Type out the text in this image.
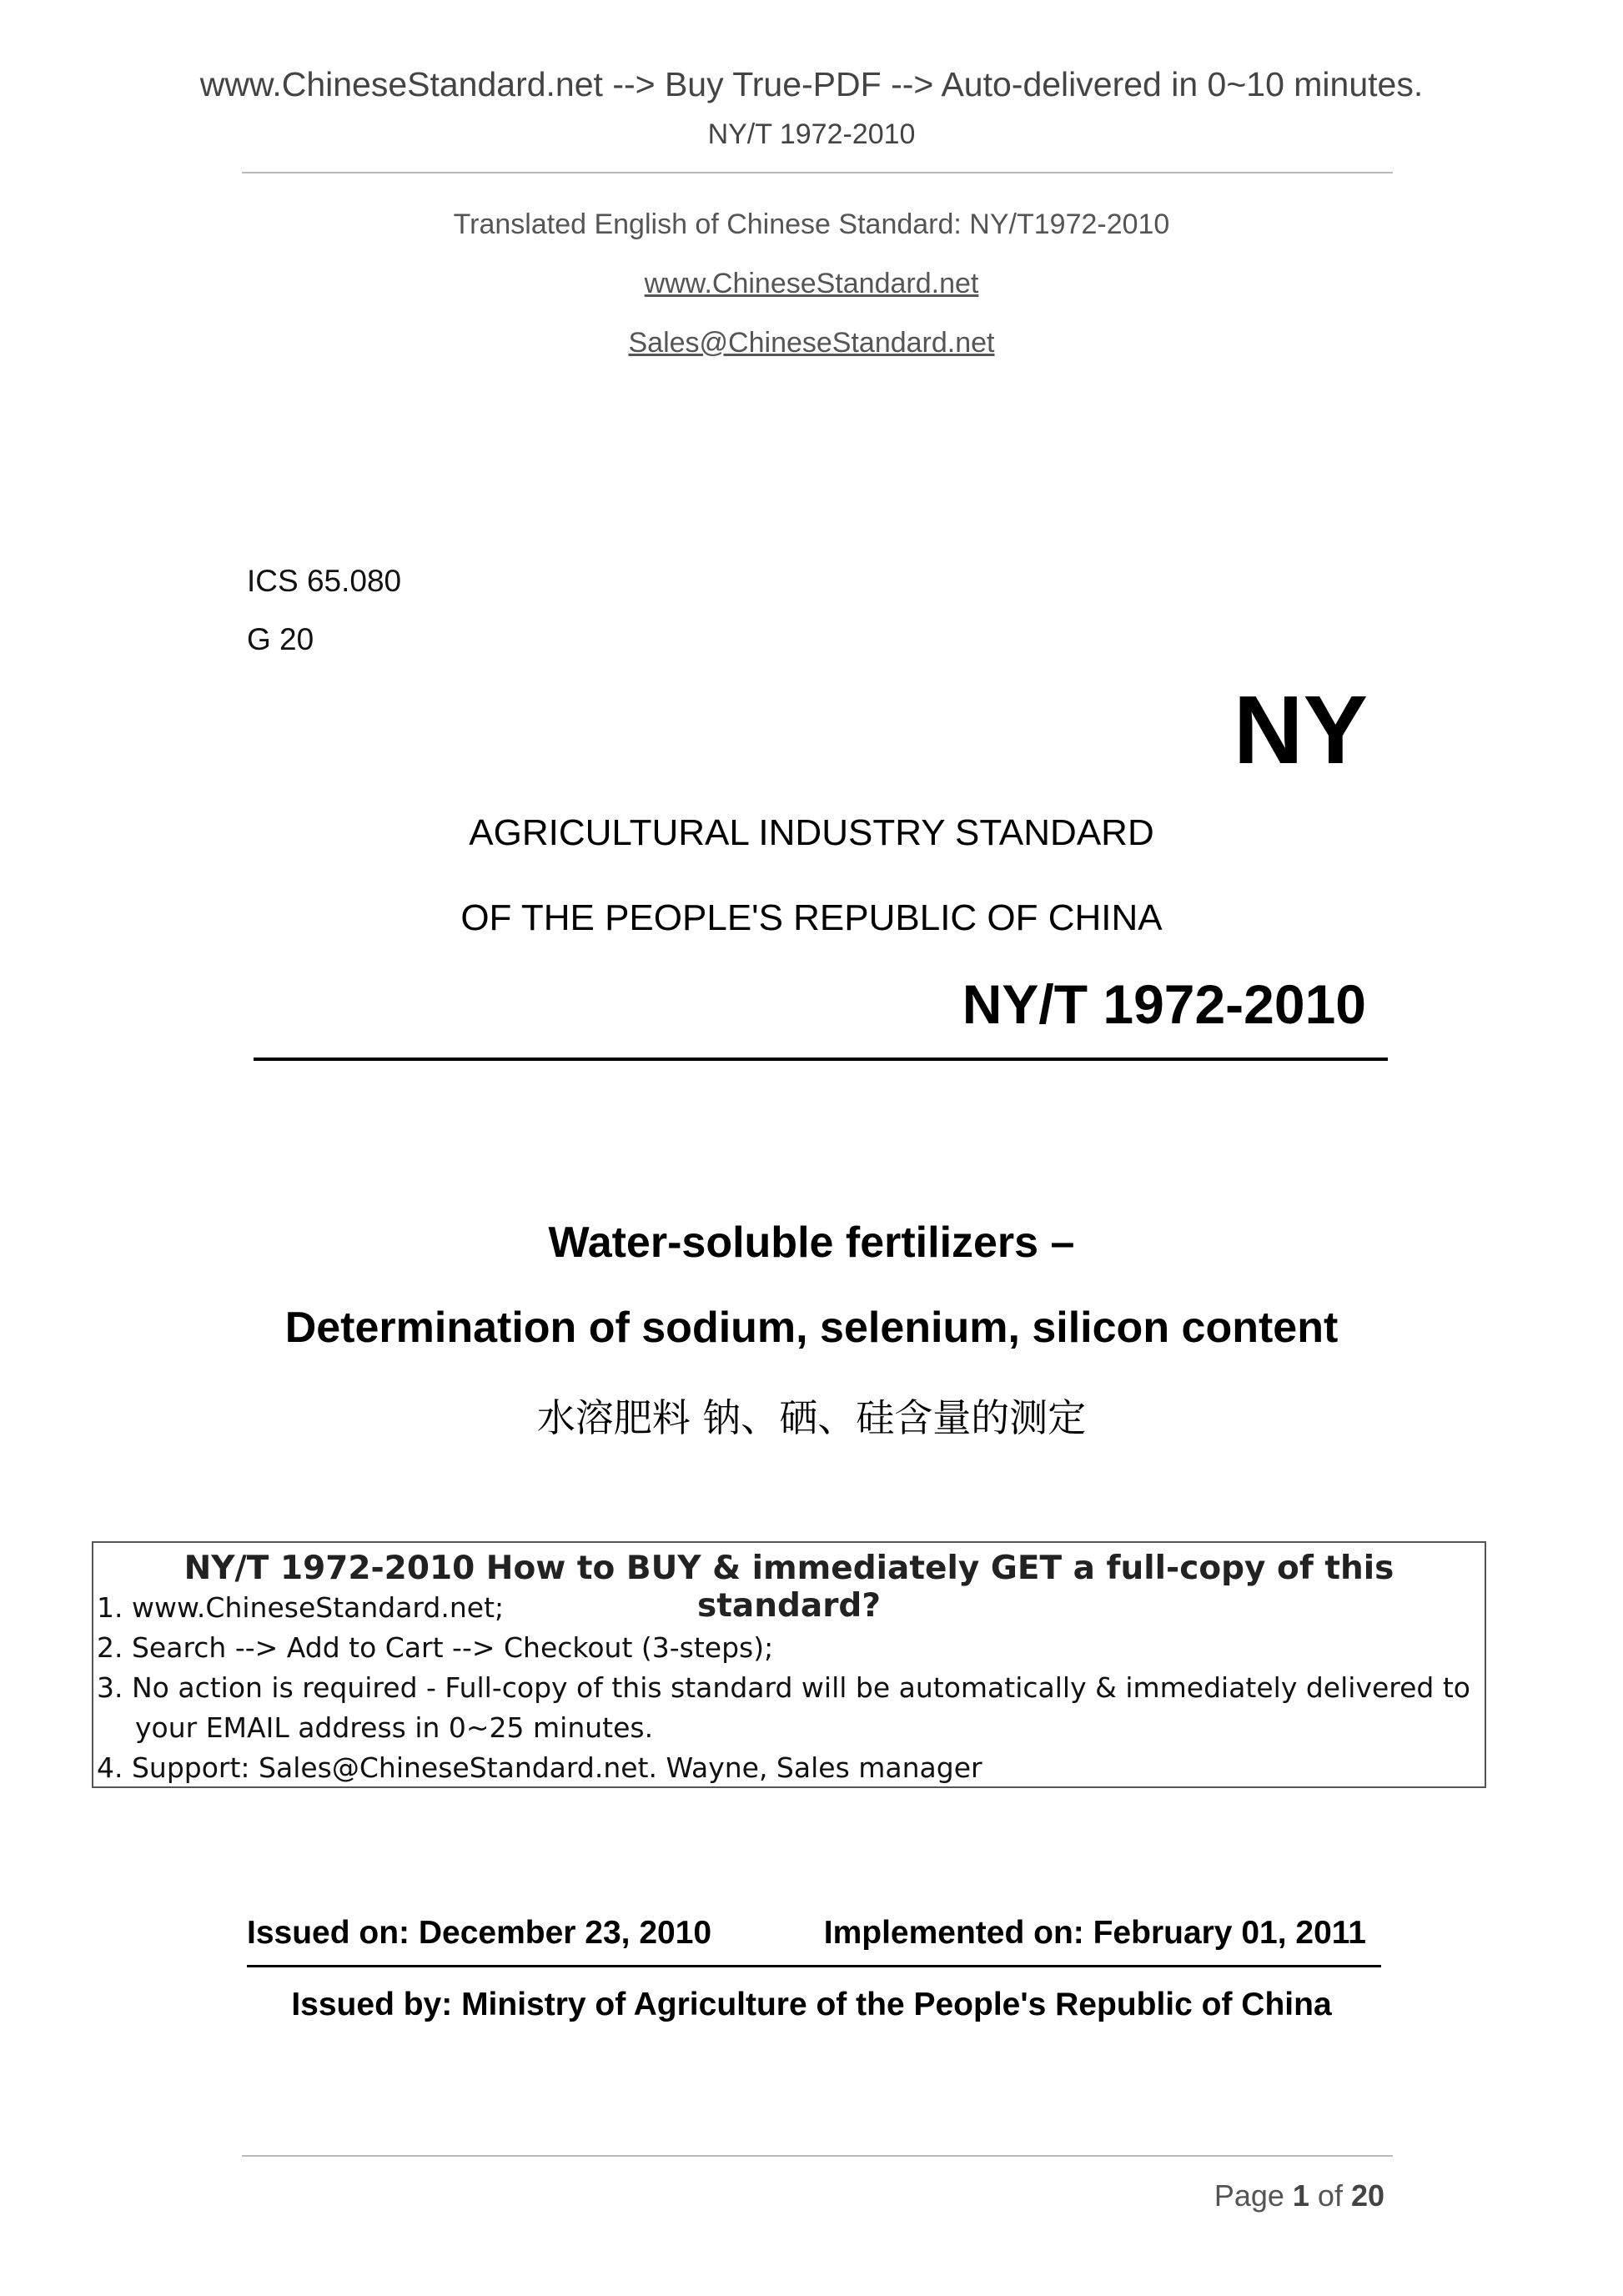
www.ChineseStandard.net --> Buy True-PDF --> Auto-delivered in 0~10 minutes.
NY/T 1972-2010
Translated English of Chinese Standard: NY/T1972-2010
www.ChineseStandard.net
Sales@ChineseStandard.net
ICS 65.080
G 20
NY
AGRICULTURAL INDUSTRY STANDARD
OF THE PEOPLE'S REPUBLIC OF CHINA
NY/T 1972-2010
Water-soluble fertilizers –
Determination of sodium, selenium, silicon content
水溶肥料 钠、硒、硅含量的测定
NY/T 1972-2010 How to BUY & immediately GET a full-copy of this standard?
1. www.ChineseStandard.net;
2. Search --> Add to Cart --> Checkout (3-steps);
3. No action is required - Full-copy of this standard will be automatically & immediately delivered to
your EMAIL address in 0~25 minutes.
4. Support: Sales@ChineseStandard.net. Wayne, Sales manager
Issued on: December 23, 2010	Implemented on: February 01, 2011
Issued by: Ministry of Agriculture of the People's Republic of China
Page 1 of 20
